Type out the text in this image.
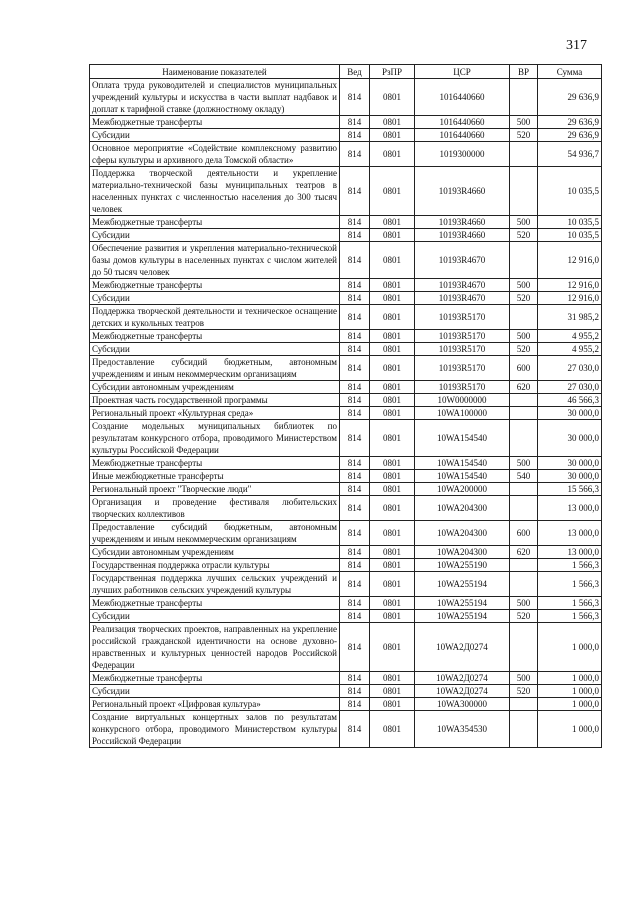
317
Наименование показателей	Вед	РзПР	ЦСР	ВР	Сумма
Оплата труда руководителей и специалистов муниципальных учреждений культуры и искусства в части выплат надбавок и доплат к тарифной ставке (должностному окладу)	814	0801	1016440660		29 636,9
Межбюджетные трансферты	814	0801	1016440660	500	29 636,9
Субсидии	814	0801	1016440660	520	29 636,9
Основное мероприятие «Содействие комплексному развитию сферы культуры и архивного дела Томской области»	814	0801	1019300000		54 936,7
Поддержка творческой деятельности и укрепление материально-технической базы муниципальных театров в населенных пунктах с численностью населения до 300 тысяч человек	814	0801	10193R4660		10 035,5
Межбюджетные трансферты	814	0801	10193R4660	500	10 035,5
Субсидии	814	0801	10193R4660	520	10 035,5
Обеспечение развития и укрепления материально-технической базы домов культуры в населенных пунктах с числом жителей до 50 тысяч человек	814	0801	10193R4670		12 916,0
Межбюджетные трансферты	814	0801	10193R4670	500	12 916,0
Субсидии	814	0801	10193R4670	520	12 916,0
Поддержка творческой деятельности и техническое оснащение детских и кукольных театров	814	0801	10193R5170		31 985,2
Межбюджетные трансферты	814	0801	10193R5170	500	4 955,2
Субсидии	814	0801	10193R5170	520	4 955,2
Предоставление субсидий бюджетным, автономным учреждениям и иным некоммерческим организациям	814	0801	10193R5170	600	27 030,0
Субсидии автономным учреждениям	814	0801	10193R5170	620	27 030,0
Проектная часть государственной программы	814	0801	10W0000000		46 566,3
Региональный проект «Культурная среда»	814	0801	10WA100000		30 000,0
Создание модельных муниципальных библиотек по результатам конкурсного отбора, проводимого Министерством культуры Российской Федерации	814	0801	10WA154540		30 000,0
Межбюджетные трансферты	814	0801	10WA154540	500	30 000,0
Иные межбюджетные трансферты	814	0801	10WA154540	540	30 000,0
Региональный проект "Творческие люди"	814	0801	10WA200000		15 566,3
Организация и проведение фестиваля любительских творческих коллективов	814	0801	10WA204300		13 000,0
Предоставление субсидий бюджетным, автономным учреждениям и иным некоммерческим организациям	814	0801	10WA204300	600	13 000,0
Субсидии автономным учреждениям	814	0801	10WA204300	620	13 000,0
Государственная поддержка отрасли культуры	814	0801	10WA255190		1 566,3
Государственная поддержка лучших сельских учреждений и лучших работников сельских учреждений культуры	814	0801	10WA255194		1 566,3
Межбюджетные трансферты	814	0801	10WA255194	500	1 566,3
Субсидии	814	0801	10WA255194	520	1 566,3
Реализация творческих проектов, направленных на укрепление российской гражданской идентичности на основе духовно-нравственных и культурных ценностей народов Российской Федерации	814	0801	10WA2Д0274		1 000,0
Межбюджетные трансферты	814	0801	10WA2Д0274	500	1 000,0
Субсидии	814	0801	10WA2Д0274	520	1 000,0
Региональный проект «Цифровая культура»	814	0801	10WA300000		1 000,0
Создание виртуальных концертных залов по результатам конкурсного отбора, проводимого Министерством культуры Российской Федерации	814	0801	10WA354530		1 000,0
